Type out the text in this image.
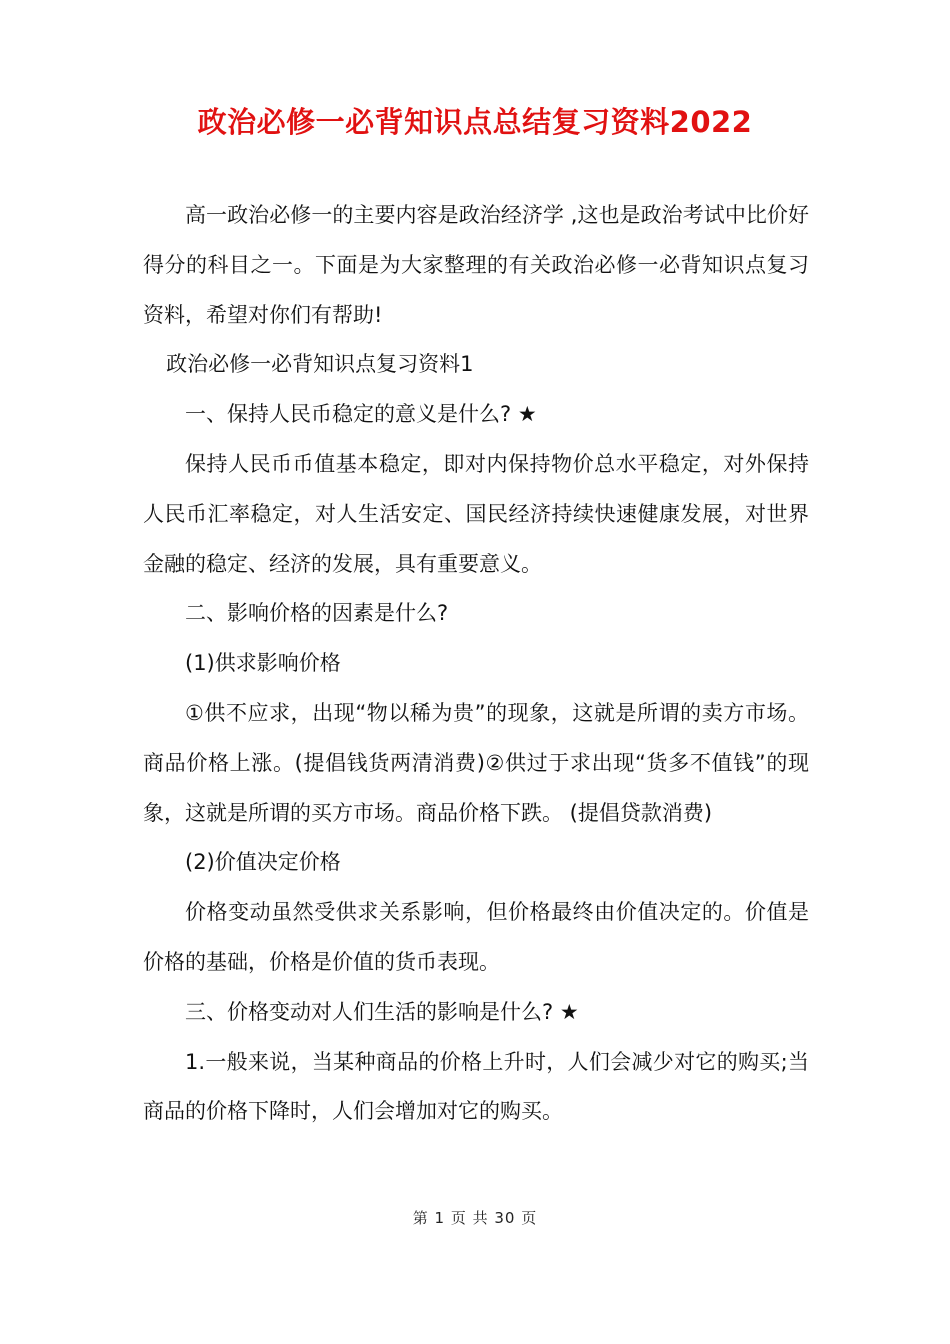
政治必修一必背知识点总结复习资料2022

高一政治必修一的主要内容是政治经济学 ,这也是政治考试中比价好得分的科目之一。下面是为大家整理的有关政治必修一必背知识点复习资料，希望对你们有帮助!

政治必修一必背知识点复习资料1

一、保持人民币稳定的意义是什么? ★

保持人民币币值基本稳定，即对内保持物价总水平稳定，对外保持人民币汇率稳定，对人生活安定、国民经济持续快速健康发展，对世界金融的稳定、经济的发展，具有重要意义。

二、影响价格的因素是什么?

(1)供求影响价格

①供不应求，出现“物以稀为贵”的现象，这就是所谓的卖方市场。商品价格上涨。(提倡钱货两清消费)②供过于求出现“货多不值钱”的现象，这就是所谓的买方市场。商品价格下跌。 (提倡贷款消费)

(2)价值决定价格

价格变动虽然受供求关系影响，但价格最终由价值决定的。价值是价格的基础，价格是价值的货币表现。

三、价格变动对人们生活的影响是什么? ★

1.一般来说，当某种商品的价格上升时，人们会减少对它的购买;当商品的价格下降时，人们会增加对它的购买。

第 1 页 共 30 页
